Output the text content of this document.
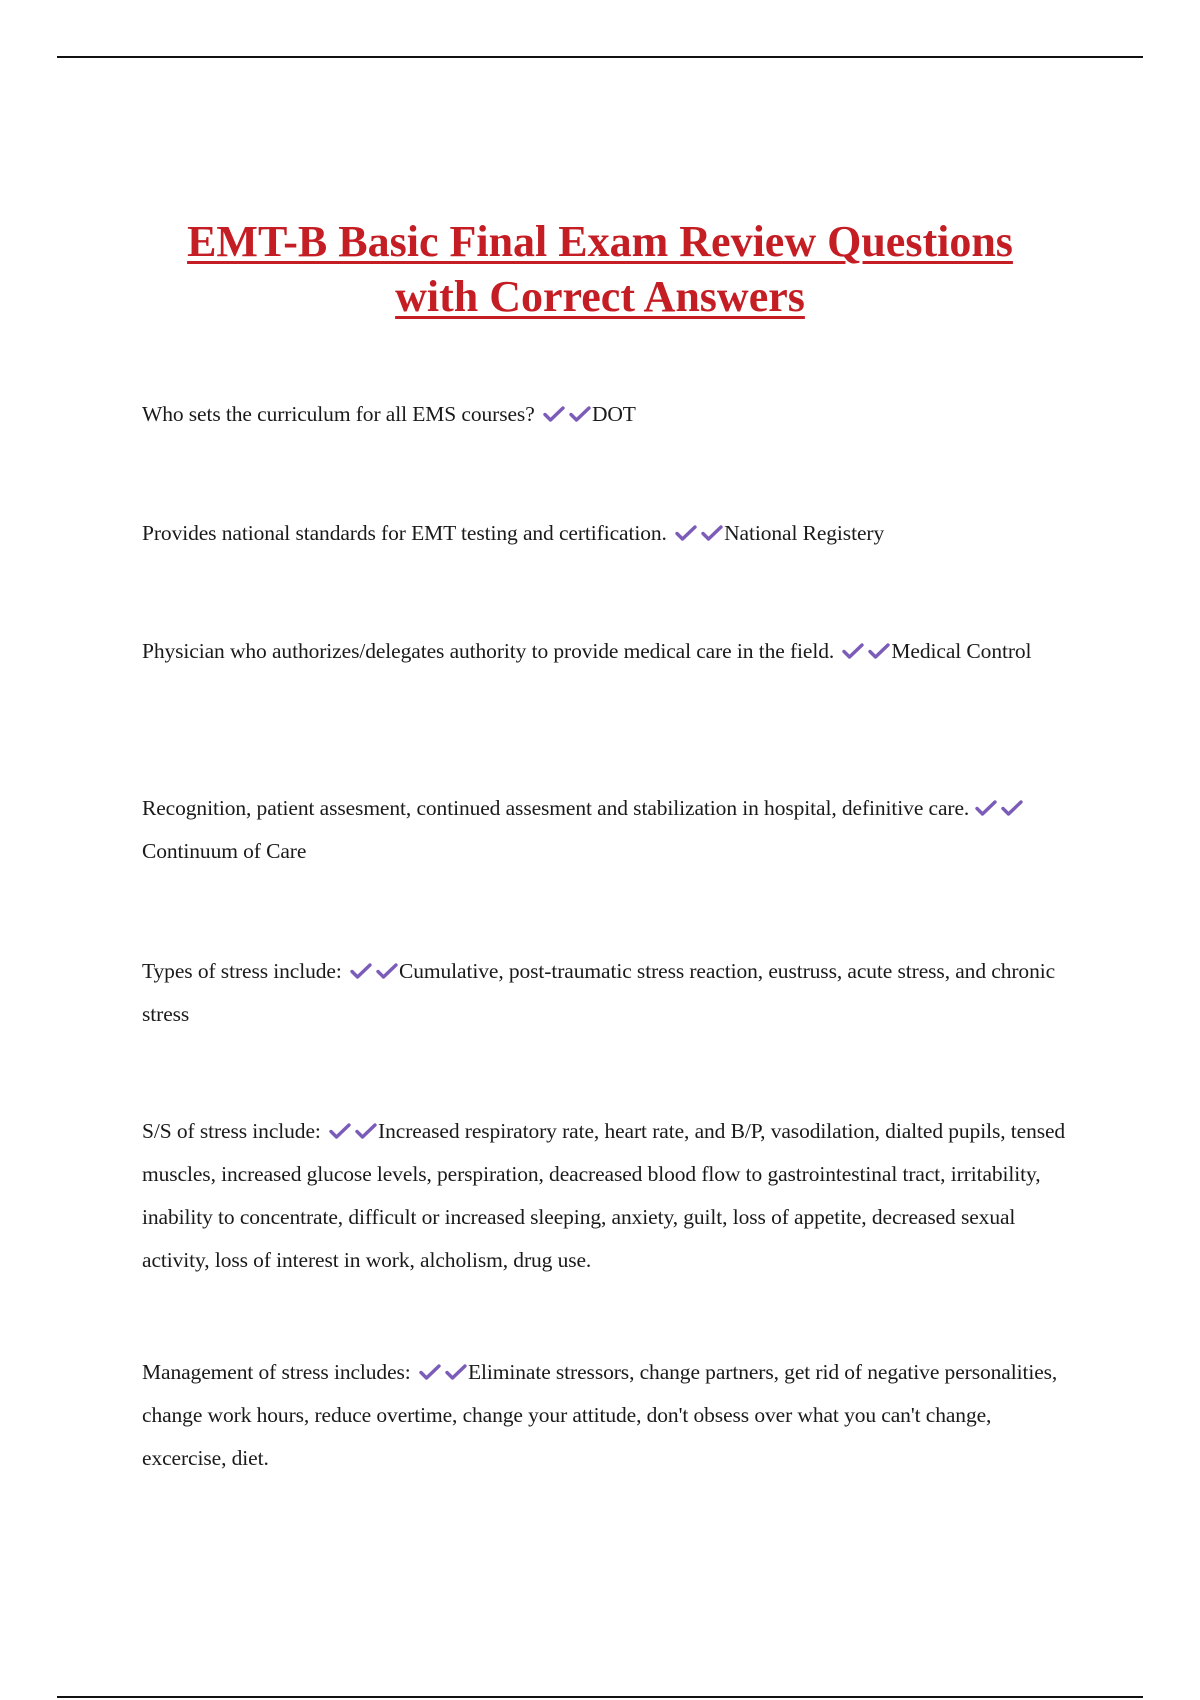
EMT-B Basic Final Exam Review Questions
with Correct Answers

Who sets the curriculum for all EMS courses?	DOT

Provides national standards for EMT testing and certification.	National Registery

Physician who authorizes/delegates authority to provide medical care in the field.	Medical Control

Recognition, patient assesment, continued assesment and stabilization in hospital, definitive care.
Continuum of Care

Types of stress include:	Cumulative, post-traumatic stress reaction, eustruss, acute stress, and chronic stress

S/S of stress include:	Increased respiratory rate, heart rate, and B/P, vasodilation, dialted pupils, tensed muscles, increased glucose levels, perspiration, deacreased blood flow to gastrointestinal tract, irritability, inability to concentrate, difficult or increased sleeping, anxiety, guilt, loss of appetite, decreased sexual activity, loss of interest in work, alcholism, drug use.

Management of stress includes:	Eliminate stressors, change partners, get rid of negative personalities, change work hours, reduce overtime, change your attitude, don't obsess over what you can't change, excercise, diet.
